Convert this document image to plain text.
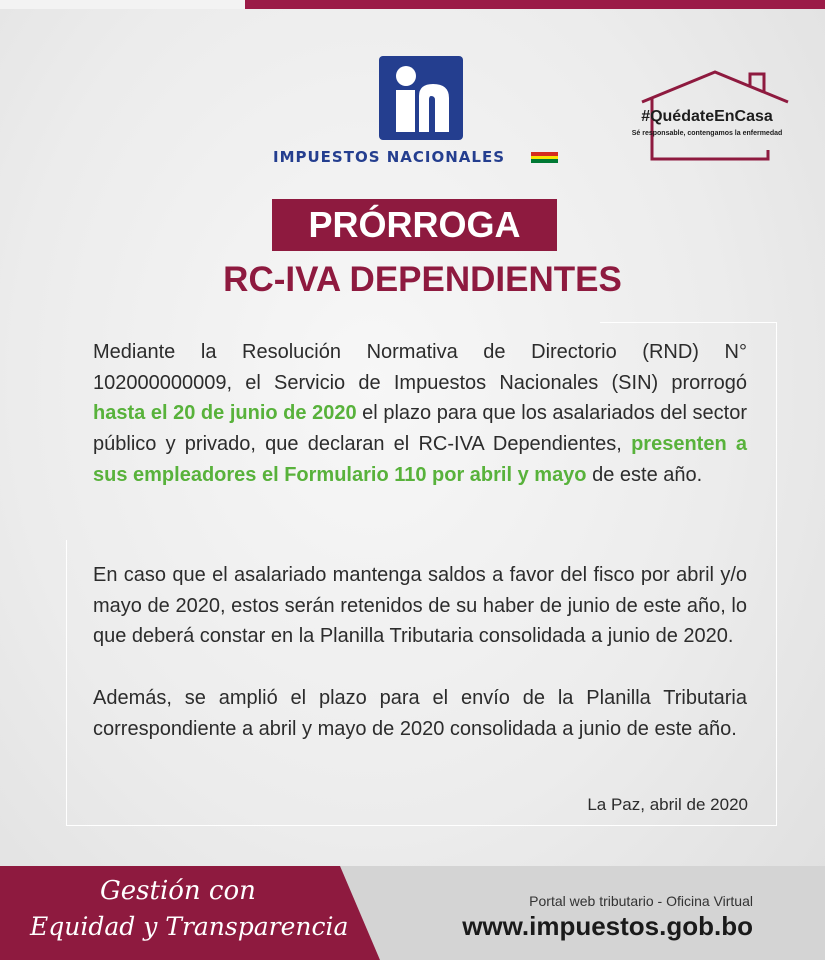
IMPUESTOS NACIONALES
#QuédateEnCasa
Sé responsable, contengamos la enfermedad
PRÓRROGA
RC-IVA DEPENDIENTES

Mediante la Resolución Normativa de Directorio (RND) N° 102000000009, el Servicio de Impuestos Nacionales (SIN) prorrogó hasta el 20 de junio de 2020 el plazo para que los asalariados del sector público y privado, que declaran el RC-IVA Dependientes, presenten a sus empleadores el Formulario 110 por abril y mayo de este año.

En caso que el asalariado mantenga saldos a favor del fisco por abril y/o mayo de 2020, estos serán retenidos de su haber de junio de este año, lo que deberá constar en la Planilla Tributaria consolidada a junio de 2020.

Además, se amplió el plazo para el envío de la Planilla Tributaria correspondiente a abril y mayo de 2020 consolidada a junio de este año.

La Paz, abril de 2020
Gestión con
Equidad y Transparencia
Portal web tributario - Oficina Virtual
www.impuestos.gob.bo
